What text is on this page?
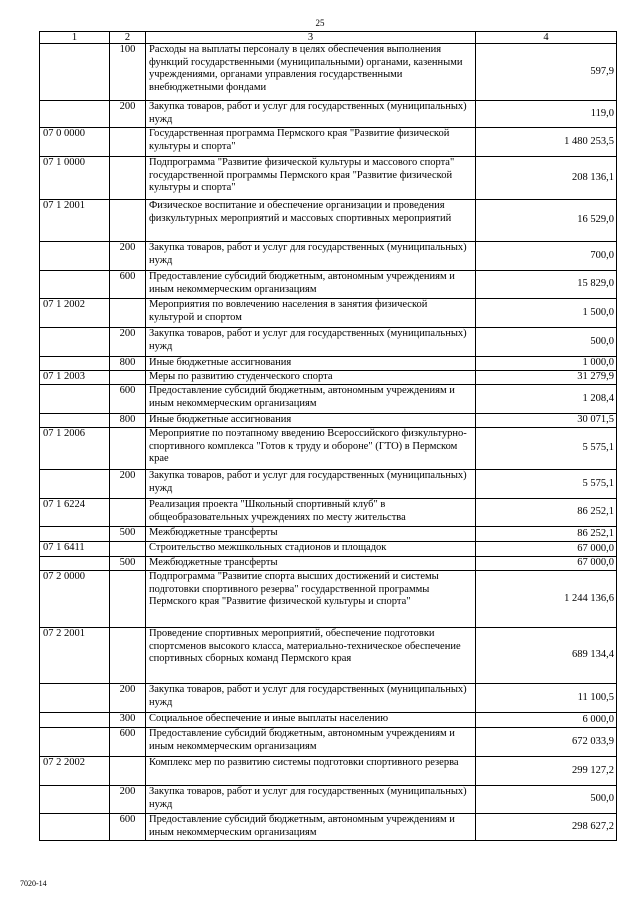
25
1	2	3	4
	100	Расходы на выплаты персоналу в целях обеспечения выполнения функций государственными (муниципальными) органами, казенными учреждениями, органами управления государственными внебюджетными фондами	597,9
	200	Закупка товаров, работ и услуг для государственных (муниципальных) нужд	119,0
07 0 0000		Государственная программа Пермского края "Развитие физической культуры и спорта"	1 480 253,5
07 1 0000		Подпрограмма "Развитие физической культуры и массового спорта" государственной программы Пермского края "Развитие физической культуры и спорта"	208 136,1
07 1 2001		Физическое воспитание и обеспечение организации и проведения физкультурных мероприятий и массовых спортивных мероприятий	16 529,0
	200	Закупка товаров, работ и услуг для государственных (муниципальных) нужд	700,0
	600	Предоставление субсидий бюджетным, автономным учреждениям и иным некоммерческим организациям	15 829,0
07 1 2002		Мероприятия по вовлечению населения в занятия физической культурой и спортом	1 500,0
	200	Закупка товаров, работ и услуг для государственных (муниципальных) нужд	500,0
	800	Иные бюджетные ассигнования	1 000,0
07 1 2003		Меры по развитию студенческого спорта	31 279,9
	600	Предоставление субсидий бюджетным, автономным учреждениям и иным некоммерческим организациям	1 208,4
	800	Иные бюджетные ассигнования	30 071,5
07 1 2006		Мероприятие по поэтапному введению Всероссийского физкультурно-спортивного комплекса "Готов к труду и обороне" (ГТО) в Пермском крае	5 575,1
	200	Закупка товаров, работ и услуг для государственных (муниципальных) нужд	5 575,1
07 1 6224		Реализация проекта "Школьный спортивный клуб" в общеобразовательных учреждениях по месту жительства	86 252,1
	500	Межбюджетные трансферты	86 252,1
07 1 6411		Строительство межшкольных стадионов и площадок	67 000,0
	500	Межбюджетные трансферты	67 000,0
07 2 0000		Подпрограмма "Развитие спорта высших достижений и системы подготовки спортивного резерва" государственной программы Пермского края "Развитие физической культуры и спорта"	1 244 136,6
07 2 2001		Проведение спортивных мероприятий, обеспечение подготовки спортсменов высокого класса, материально-техническое обеспечение спортивных сборных команд Пермского края	689 134,4
	200	Закупка товаров, работ и услуг для государственных (муниципальных) нужд	11 100,5
	300	Социальное обеспечение и иные выплаты населению	6 000,0
	600	Предоставление субсидий бюджетным, автономным учреждениям и иным некоммерческим организациям	672 033,9
07 2 2002		Комплекс мер по развитию системы подготовки спортивного резерва	299 127,2
	200	Закупка товаров, работ и услуг для государственных (муниципальных) нужд	500,0
	600	Предоставление субсидий бюджетным, автономным учреждениям и иным некоммерческим организациям	298 627,2
7020-14
